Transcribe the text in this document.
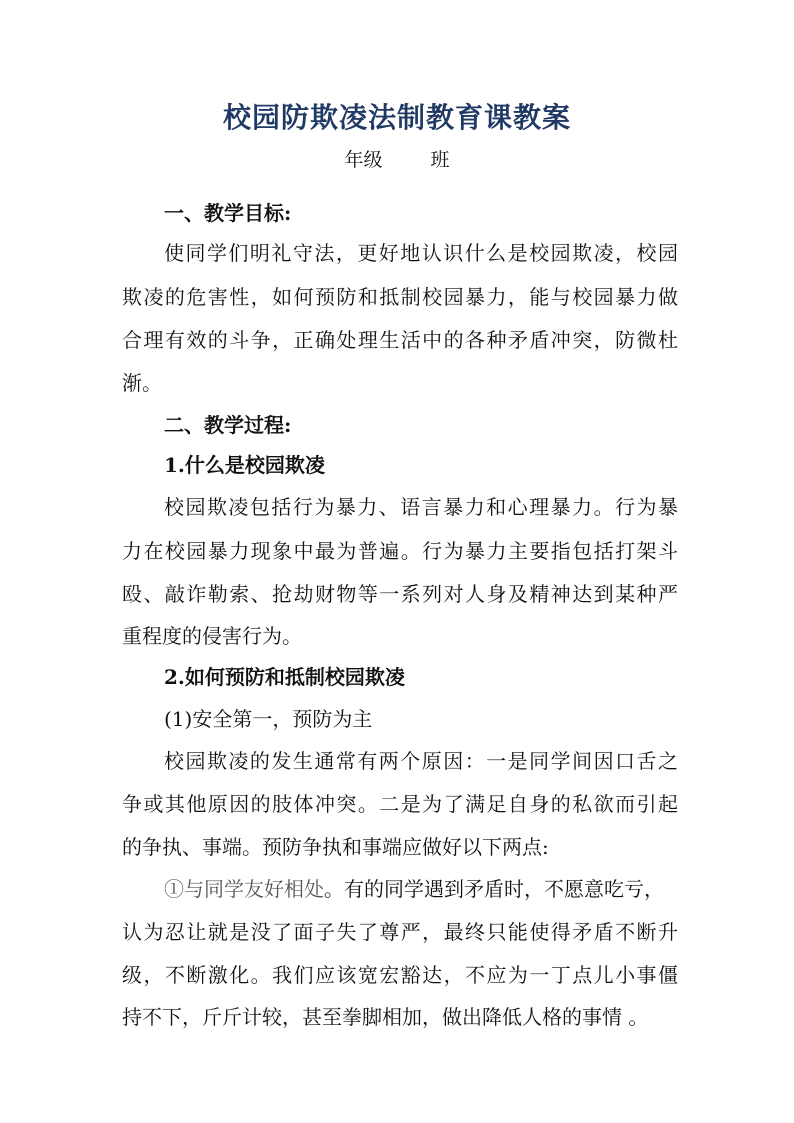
校园防欺凌法制教育课教案
年级	班
一、教学目标:
使同学们明礼守法，更好地认识什么是校园欺凌，校园
欺凌的危害性，如何预防和抵制校园暴力，能与校园暴力做
合理有效的斗争，正确处理生活中的各种矛盾冲突，防微杜
渐。
二、教学过程:
1.什么是校园欺凌
校园欺凌包括行为暴力、语言暴力和心理暴力。行为暴
力在校园暴力现象中最为普遍。行为暴力主要指包括打架斗
殴、敲诈勒索、抢劫财物等一系列对人身及精神达到某种严
重程度的侵害行为。
2.如何预防和抵制校园欺凌
(1)安全第一，预防为主
校园欺凌的发生通常有两个原因：一是同学间因口舌之
争或其他原因的肢体冲突。二是为了满足自身的私欲而引起
的争执、事端。预防争执和事端应做好以下两点:
①与同学友好相处。有的同学遇到矛盾时，不愿意吃亏，
认为忍让就是没了面子失了尊严，最终只能使得矛盾不断升
级，不断激化。我们应该宽宏豁达，不应为一丁点儿小事僵
持不下，斤斤计较，甚至拳脚相加，做出降低人格的事情 。
